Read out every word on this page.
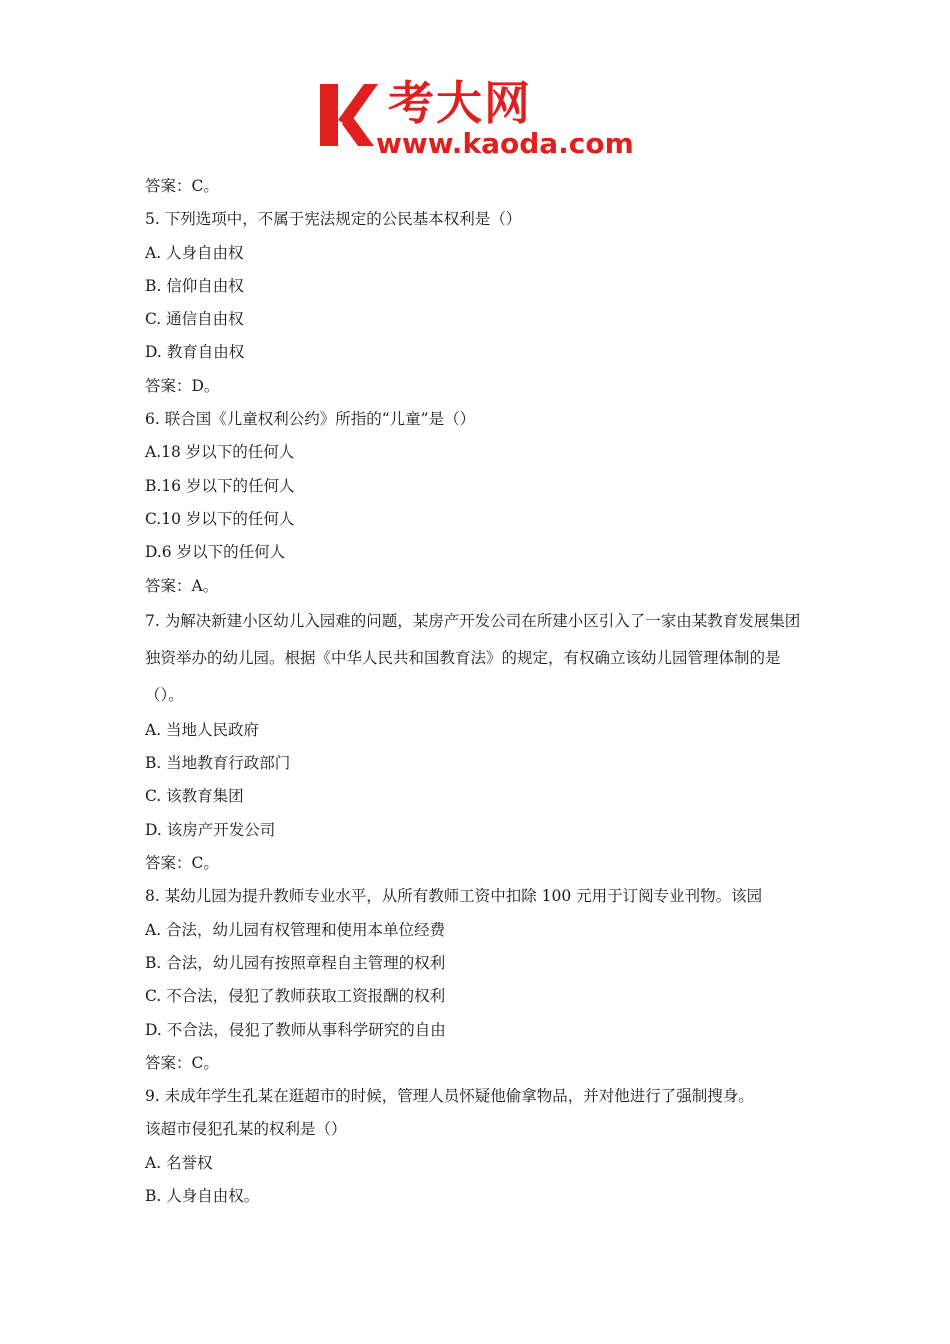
考大网
www.kaoda.com
答案：C。
5. 下列选项中，不属于宪法规定的公民基本权利是（）
A. 人身自由权
B. 信仰自由权
C. 通信自由权
D. 教育自由权
答案：D。
6. 联合国《儿童权利公约》所指的“儿童”是（）
A.18 岁以下的任何人
B.16 岁以下的任何人
C.10 岁以下的任何人
D.6 岁以下的任何人
答案：A。
7. 为解决新建小区幼儿入园难的问题，某房产开发公司在所建小区引入了一家由某教育发展集团独资举办的幼儿园。根据《中华人民共和国教育法》的规定，有权确立该幼儿园管理体制的是（）。
A. 当地人民政府
B. 当地教育行政部门
C. 该教育集团
D. 该房产开发公司
答案：C。
8. 某幼儿园为提升教师专业水平，从所有教师工资中扣除 100 元用于订阅专业刊物。该园
A. 合法，幼儿园有权管理和使用本单位经费
B. 合法，幼儿园有按照章程自主管理的权利
C. 不合法，侵犯了教师获取工资报酬的权利
D. 不合法，侵犯了教师从事科学研究的自由
答案：C。
9. 未成年学生孔某在逛超市的时候，管理人员怀疑他偷拿物品，并对他进行了强制搜身。
该超市侵犯孔某的权利是（）
A. 名誉权
B. 人身自由权。
